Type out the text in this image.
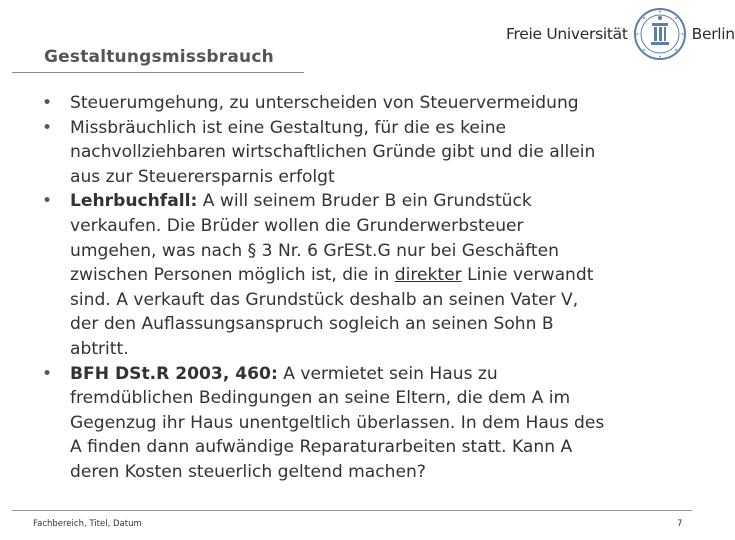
Gestaltungsmissbrauch
Freie Universität	Berlin
•	Steuerumgehung, zu unterscheiden von Steuervermeidung
•	Missbräuchlich ist eine Gestaltung, für die es keine
nachvollziehbaren wirtschaftlichen Gründe gibt und die allein
aus zur Steuerersparnis erfolgt
•	Lehrbuchfall: A will seinem Bruder B ein Grundstück
verkaufen. Die Brüder wollen die Grunderwerbsteuer
umgehen, was nach § 3 Nr. 6 GrESt.G nur bei Geschäften
zwischen Personen möglich ist, die in direkter Linie verwandt
sind. A verkauft das Grundstück deshalb an seinen Vater V,
der den Auflassungsanspruch sogleich an seinen Sohn B
abtritt.
•	BFH DSt.R 2003, 460: A vermietet sein Haus zu
fremdüblichen Bedingungen an seine Eltern, die dem A im
Gegenzug ihr Haus unentgeltlich überlassen. In dem Haus des
A finden dann aufwändige Reparaturarbeiten statt. Kann A
deren Kosten steuerlich geltend machen?
Fachbereich, Titel, Datum	7
